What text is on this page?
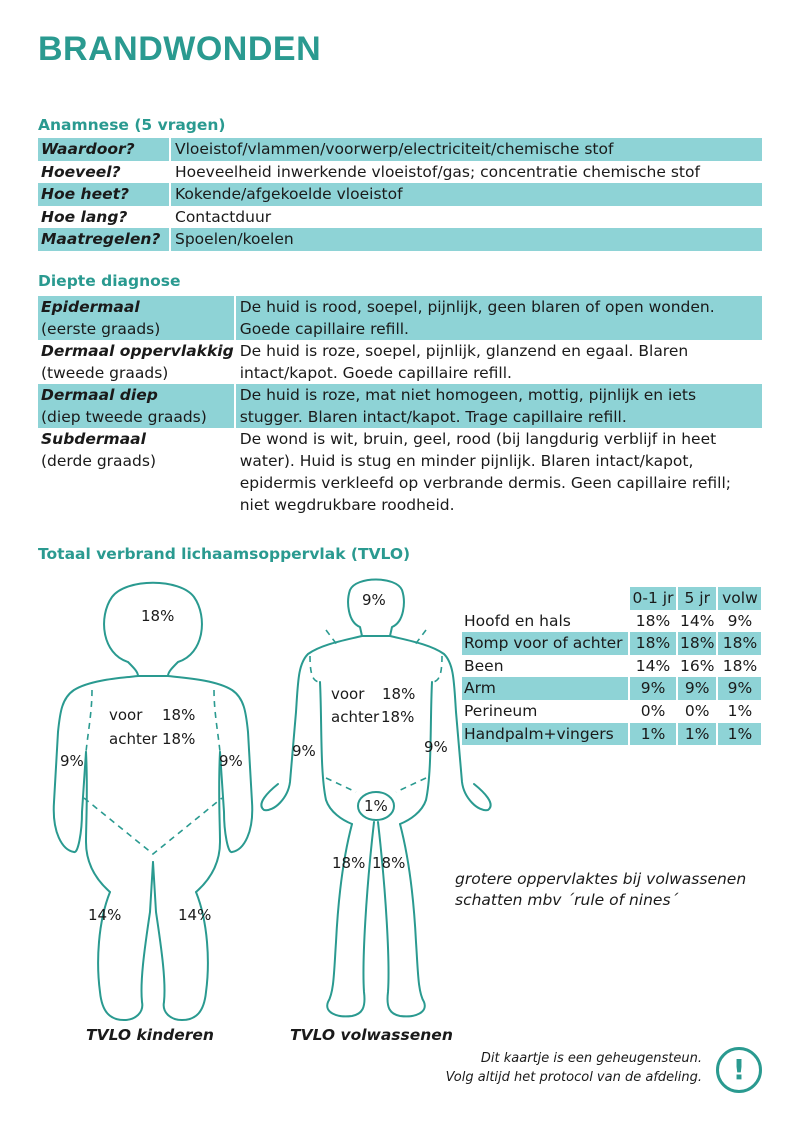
BRANDWONDEN
Anamnese (5 vragen)
Waardoor?	Vloeistof/vlammen/voorwerp/electriciteit/chemische stof
Hoeveel?	Hoeveelheid inwerkende vloeistof/gas; concentratie chemische stof
Hoe heet?	Kokende/afgekoelde vloeistof
Hoe lang?	Contactduur
Maatregelen?	Spoelen/koelen
Diepte diagnose
Epidermaal
(eerste graads)	De huid is rood, soepel, pijnlijk, geen blaren of open wonden. Goede capillaire refill.

Dermaal oppervlakkig
(tweede graads)	De huid is roze, soepel, pijnlijk, glanzend en egaal. Blaren intact/kapot. Goede capillaire refill.

Dermaal diep
(diep tweede graads)	De huid is roze, mat niet homogeen, mottig, pijnlijk en iets stugger. Blaren intact/kapot. Trage capillaire refill.

Subdermaal
(derde graads)	De wond is wit, bruin, geel, rood (bij langdurig verblijf in heet water). Huid is stug en minder pijnlijk. Blaren intact/kapot, epidermis verkleefd op verbrande dermis. Geen capillaire refill; niet wegdrukbare roodheid.
Totaal verbrand lichaamsoppervlak (TVLO)
	0-1 jr	5 jr	volw
Hoofd en hals	18%	14%	9%
Romp voor of achter	18%	18%	18%
Been	14%	16%	18%
Arm	9%	9%	9%
Perineum	0%	0%	1%
Handpalm+vingers	1%	1%	1%
18%
voor 18%
achter 18%
9%	9%
14%	14%
TVLO kinderen
9%
voor 18%
achter 18%
9%	9%
1%
18% 18%
TVLO volwassenen
grotere oppervlaktes bij volwassenen
schatten mbv ´rule of nines´
Dit kaartje is een geheugensteun.
Volg altijd het protocol van de afdeling.	!
